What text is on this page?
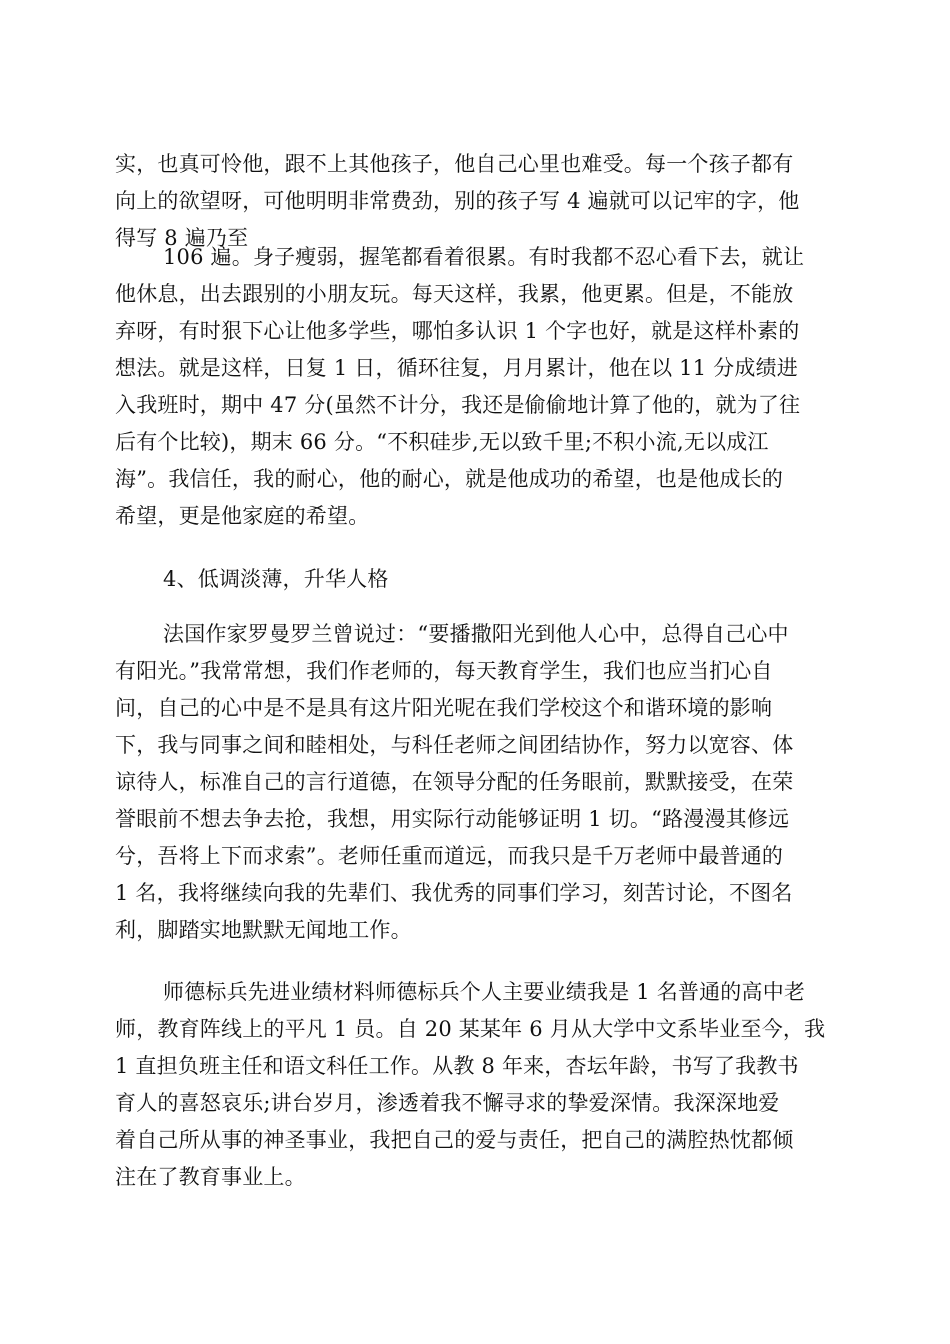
实，也真可怜他，跟不上其他孩子，他自己心里也难受。每一个孩子都有
向上的欲望呀，可他明明非常费劲，别的孩子写 4 遍就可以记牢的字，他
得写 8 遍乃至
106 遍。身子瘦弱，握笔都看着很累。有时我都不忍心看下去，就让
他休息，出去跟别的小朋友玩。每天这样，我累，他更累。但是，不能放
弃呀，有时狠下心让他多学些，哪怕多认识 1 个字也好，就是这样朴素的
想法。就是这样，日复 1 日，循环往复，月月累计，他在以 11 分成绩进
入我班时，期中 47 分(虽然不计分，我还是偷偷地计算了他的，就为了往
后有个比较)，期末 66 分。“不积硅步,无以致千里;不积小流,无以成江
海”。我信任，我的耐心，他的耐心，就是他成功的希望，也是他成长的
希望，更是他家庭的希望。
4、低调淡薄，升华人格
法国作家罗曼罗兰曾说过：“要播撒阳光到他人心中，总得自己心中
有阳光。”我常常想，我们作老师的，每天教育学生，我们也应当扪心自
问，自己的心中是不是具有这片阳光呢在我们学校这个和谐环境的影响
下，我与同事之间和睦相处，与科任老师之间团结协作，努力以宽容、体
谅待人，标准自己的言行道德，在领导分配的任务眼前，默默接受，在荣
誉眼前不想去争去抢，我想，用实际行动能够证明 1 切。“路漫漫其修远
兮，吾将上下而求索”。老师任重而道远，而我只是千万老师中最普通的
1 名，我将继续向我的先辈们、我优秀的同事们学习，刻苦讨论，不图名
利，脚踏实地默默无闻地工作。
师德标兵先进业绩材料师德标兵个人主要业绩我是 1 名普通的高中老
师，教育阵线上的平凡 1 员。自 20 某某年 6 月从大学中文系毕业至今，我
1 直担负班主任和语文科任工作。从教 8 年来，杏坛年龄，书写了我教书
育人的喜怒哀乐;讲台岁月，渗透着我不懈寻求的挚爱深情。我深深地爱
着自己所从事的神圣事业，我把自己的爱与责任，把自己的满腔热忱都倾
注在了教育事业上。
